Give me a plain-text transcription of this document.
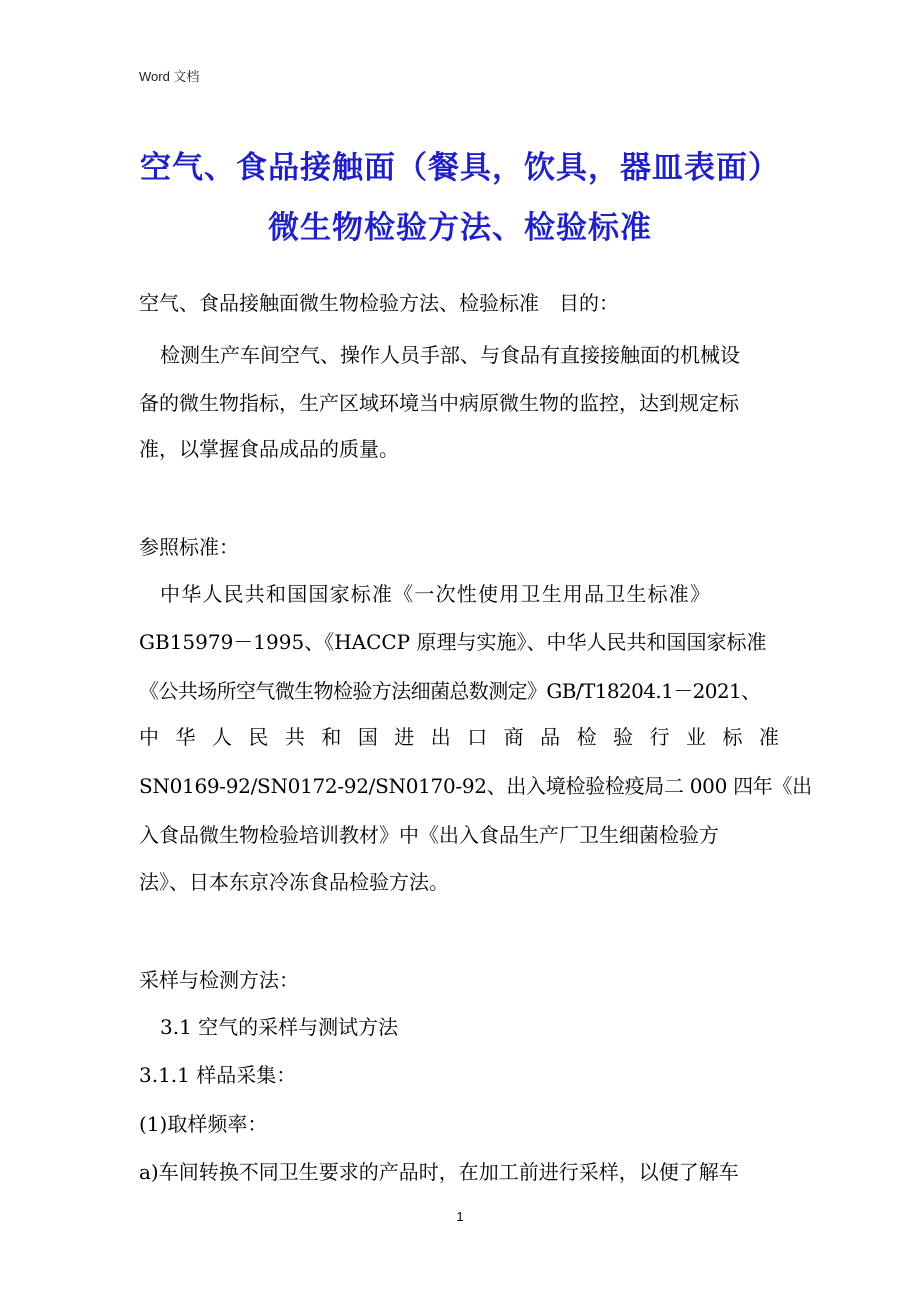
Word 文档
空气、食品接触面（餐具，饮具，器皿表面）
微生物检验方法、检验标准
空气、食品接触面微生物检验方法、检验标准　目的：
检测生产车间空气、操作人员手部、与食品有直接接触面的机械设
备的微生物指标，生产区域环境当中病原微生物的监控，达到规定标
准，以掌握食品成品的质量。
参照标准：
中华人民共和国国家标准《一次性使用卫生用品卫生标准》
GB15979－1995、《HACCP 原理与实施》、中华人民共和国国家标准
《公共场所空气微生物检验方法细菌总数测定》GB/T18204.1－2021、
中 华 人 民 共 和 国 进 出 口 商 品 检 验 行 业 标 准
SN0169-92/SN0172-92/SN0170-92、出入境检验检疫局二 000 四年《出
入食品微生物检验培训教材》中《出入食品生产厂卫生细菌检验方
法》、日本东京冷冻食品检验方法。
采样与检测方法：
3.1 空气的采样与测试方法
3.1.1 样品采集：
(1)取样频率：
a)车间转换不同卫生要求的产品时，在加工前进行采样，以便了解车
1
